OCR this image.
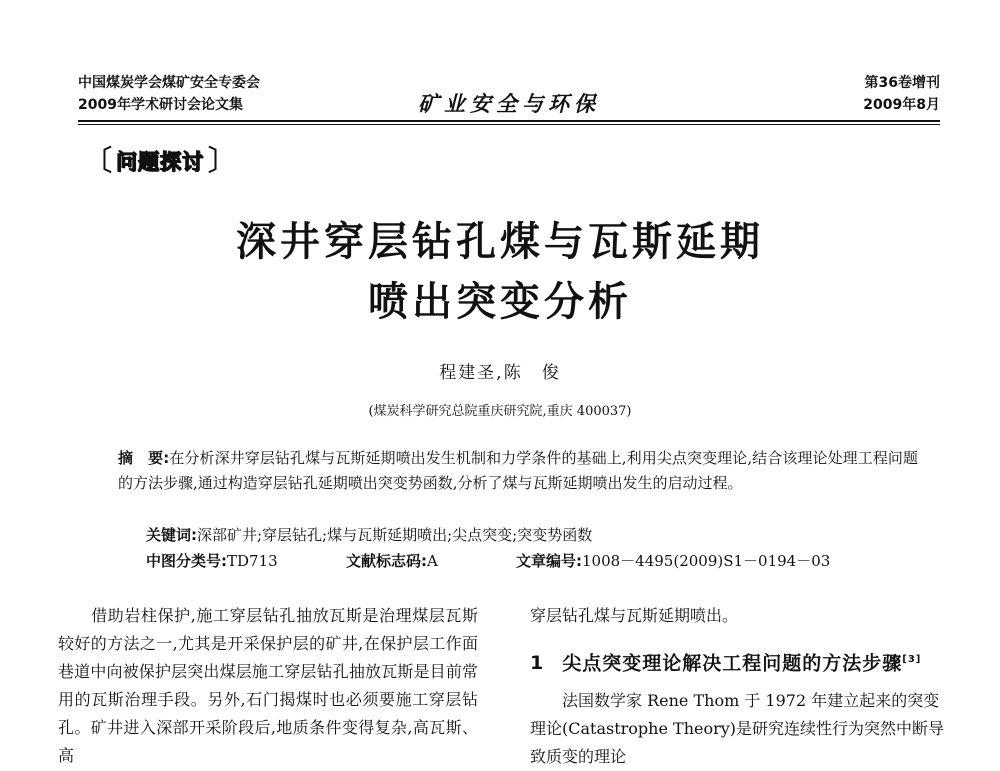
中国煤炭学会煤矿安全专委会
2009年学术研讨会论文集	矿业安全与环保
第36卷增刊
2009年8月
〔 问题探讨 〕
深井穿层钻孔煤与瓦斯延期
喷出突变分析
程建圣,陈　俊
(煤炭科学研究总院重庆研究院,重庆 400037)
摘　要:在分析深井穿层钻孔煤与瓦斯延期喷出发生机制和力学条件的基础上,利用尖点突变理论,结合该理论处理工程问题的方法步骤,通过构造穿层钻孔延期喷出突变势函数,分析了煤与瓦斯延期喷出发生的启动过程。
关键词:深部矿井;穿层钻孔;煤与瓦斯延期喷出;尖点突变;突变势函数
中图分类号:TD713	文献标志码:A	文章编号:1008－4495(2009)S1－0194－03

　　借助岩柱保护,施工穿层钻孔抽放瓦斯是治理煤层瓦斯较好的方法之一,尤其是开采保护层的矿井,在保护层工作面巷道中向被保护层突出煤层施工穿层钻孔抽放瓦斯是目前常用的瓦斯治理手段。另外,石门揭煤时也必须要施工穿层钻孔。矿井进入深部开采阶段后,地质条件变得复杂,高瓦斯、高

穿层钻孔煤与瓦斯延期喷出。

1 尖点突变理论解决工程问题的方法步骤[3]

　　法国数学家 Rene Thom 于 1972 年建立起来的突变理论(Catastrophe Theory)是研究连续性行为突然中断导致质变的理论
